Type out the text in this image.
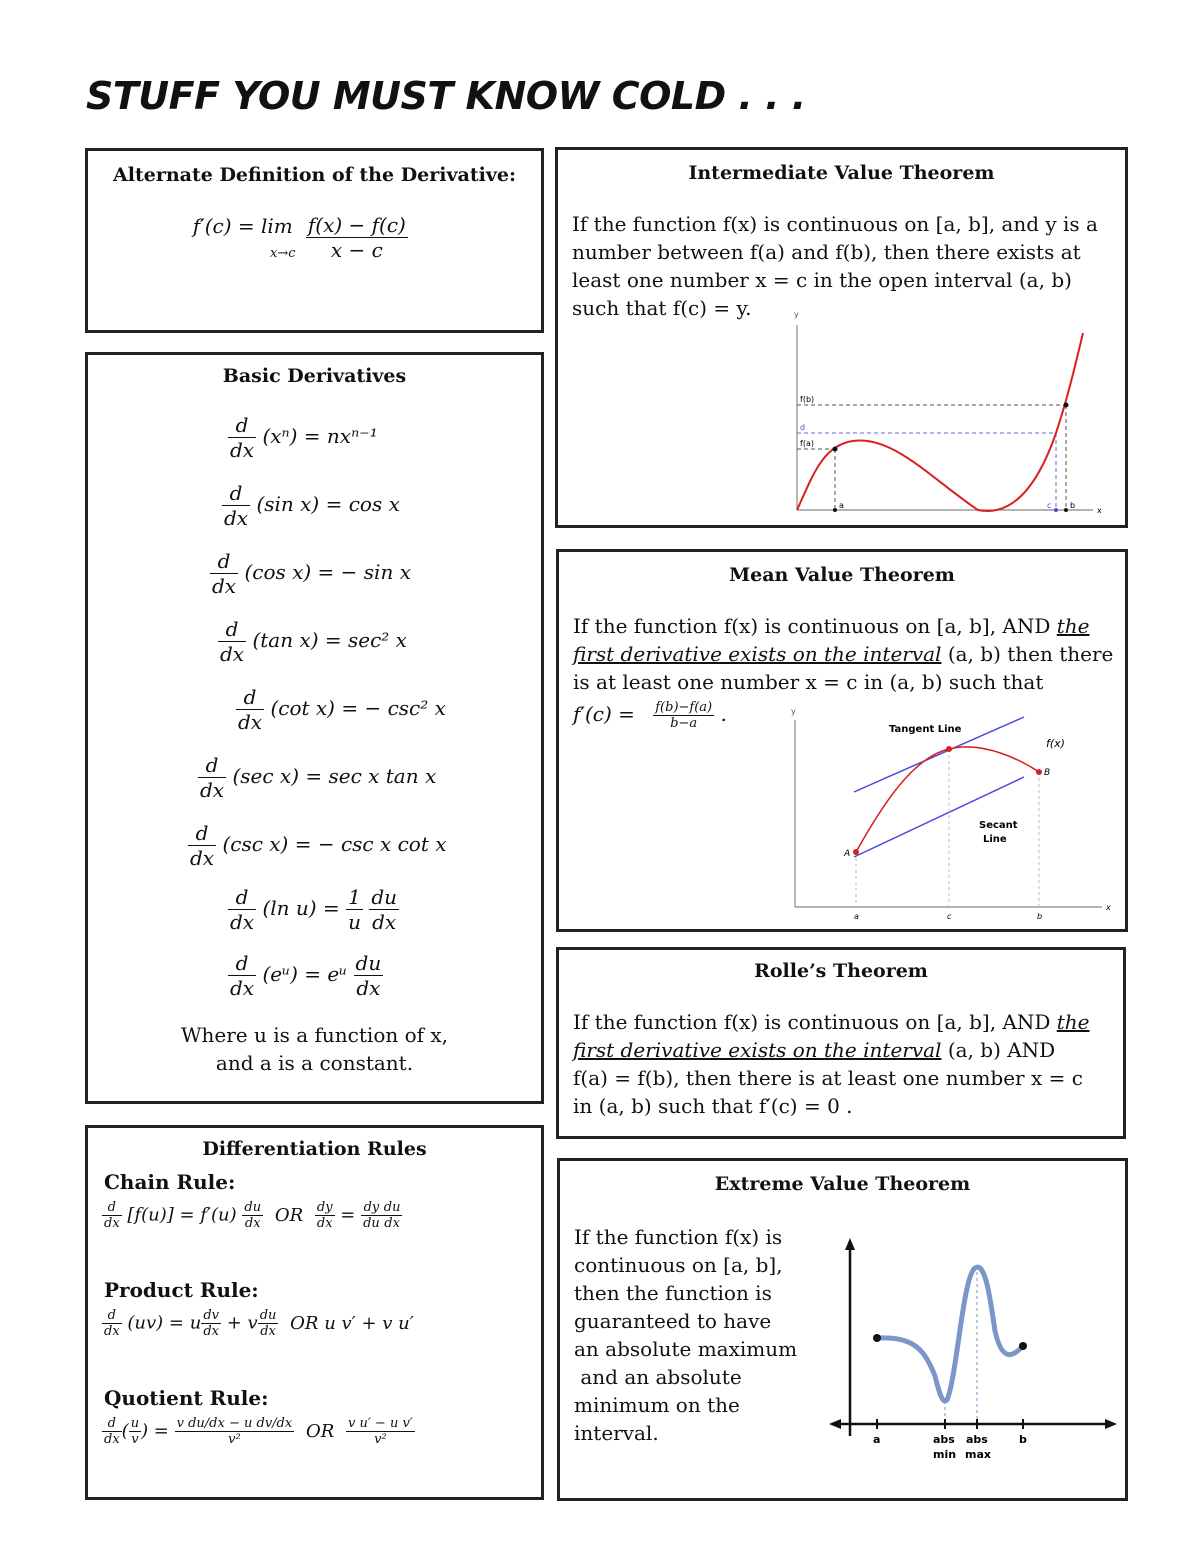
STUFF YOU MUST KNOW COLD . . .
Alternate Definition of the Derivative:
f′(c) = lim
$x\to c \frac{f(x) - f(c)}{x - c}$
Basic Derivatives
$\frac{d}{dx} (x^n) = nx^{n-1}$
$\frac{d}{dx} (\sin$ x) = cos x
$\frac{d}{dx} (\cos$ x) = − sin x
$\frac{d}{dx} (\tan$ x) = sec² x
$\frac{d}{dx} (\cot$ x) = − csc² x
$\frac{d}{dx} (\sec$ x) = sec x tan x
$\frac{d}{dx} (\csc$ x) = − csc x cot x
$\frac{d}{dx} (\ln$ $u) = \frac{1}{u}$
$\frac{du}{dx}$
$\frac{d}{dx}$ (eᵘ) = eᵘ $\frac{du}{dx}$
Where u is a function of x,
and a is a constant.
Differentiation Rules
Chain Rule:
$\frac{d}{dx} [f(u)] = f'(u) \frac{du}{dx}$ OR $\frac{dy}{dx} = \frac{dy}{du} \frac{du}{dx}$
Product Rule:
$\frac{d}{dx} (uv) = u \frac{dv}{dx} + v \frac{du}{dx}$ OR u v′ + v u′
Quotient Rule:
$\frac{d}{dx}$ ( $\frac{u}{v}$ ) = $\frac{\text{v du/dx − u dv/dx}}{\text{v²}}$ OR $\frac{\text{v u′ − u v′}}{\text{v²}}$
Intermediate Value Theorem
If the function f(x) is continuous on [a, b], and y is a
number between f(a) and f(b), then there exists at
least one number x = c in the open interval (a, b)
such that f(c) = y.	y
f(b)
d
f(a)
a	c b
x
Mean Value Theorem
If the function f(x) is continuous on [a, b], AND the
first derivative exists on the interval (a, b) then there
is at least one number x = c in (a, b) such that
$f'(c) = \frac{f(b)-f(a)}{b-a}$ .	y
Tangent Line
f(x)
B
A
Secant
Line
a	c	b
x
Rolle’s Theorem
If the function f(x) is continuous on [a, b], AND the
first derivative exists on the interval (a, b) AND
f(a) = f(b), then there is at least one number x = c
in (a, b) such that f′(c) = 0 .
Extreme Value Theorem
If the function f(x) is
continuous on [a, b],
then the function is
guaranteed to have
an absolute maximum
and an absolute
minimum on the
interval.	a	abs
min
abs
max
b
